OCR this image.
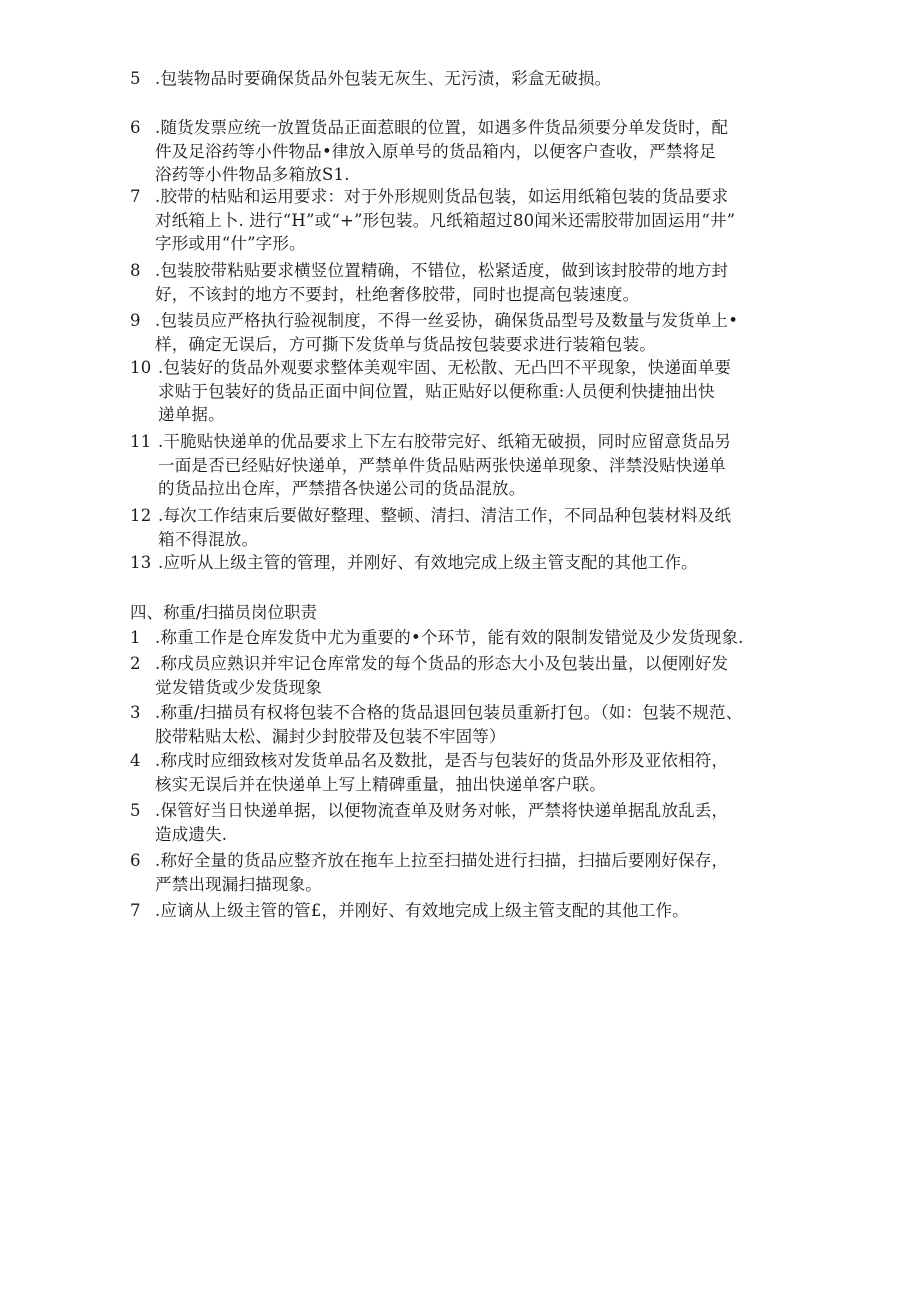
5 .包装物品时要确保货品外包装无灰生、无污渍，彩盒无破损。
6 .随货发票应统一放置货品正面惹眼的位置，如遇多件货品须要分单发货时，配
件及足浴药等小件物品•律放入原单号的货品箱内，以便客户查收，严禁将足
浴药等小件物品多箱放S1.
7 .胶带的枯贴和运用要求：对于外形规则货品包装，如运用纸箱包装的货品要求
对纸箱上卜. 进行“H”或“+”形包装。凡纸箱超过80闻米还需胶带加固运用“井”
字形或用“什”字形。
8 .包装胶带粘贴要求横竖位置精确，不错位，松紧适度，做到该封胶带的地方封
好，不该封的地方不要封，杜绝奢侈胶带，同时也提高包装速度。
9 .包装员应严格执行验视制度，不得一丝妥协，确保货品型号及数量与发货单上•
样，确定无误后，方可撕下发货单与货品按包装要求进行装箱包装。
10 .包装好的货品外观要求整体美观牢固、无松散、无凸凹不平现象，快递面单要
求贴于包装好的货品正面中间位置，贴正贴好以便称重:人员便利快捷抽出快
递单据。
11 .干脆贴快递单的优品要求上下左右胶带完好、纸箱无破损，同时应留意货品另
一面是否已经贴好快递单，严禁单件货品贴两张快递单现象、泮禁没贴快递单
的货品拉出仓库，严禁措各快递公司的货品混放。
12 .每次工作结束后要做好整理、整顿、清扫、清洁工作，不同品种包装材料及纸
箱不得混放。
13 .应听从上级主管的管理，并刚好、有效地完成上级主管支配的其他工作。
四、称重/扫描员岗位职责
1 .称重工作是仓库发货中尤为重要的•个环节，能有效的限制发错觉及少发货现象.
2 .称戌员应熟识并牢记仓库常发的每个货品的形态大小及包装出量，以便刚好发
觉发错货或少发货现象
3 .称重/扫描员有权将包装不合格的货品退回包装员重新打包。（如：包装不规范、
胶带粘贴太松、漏封少封胶带及包装不牢固等）
4 .称戌时应细致核对发货单品名及数批，是否与包装好的货品外形及亚依相符，
核实无误后并在快递单上写上精碑重量，抽出快递单客户联。
5 .保管好当日快递单据，以便物流查单及财务对帐，严禁将快递单据乱放乱丢，
造成遗失.
6 .称好全量的货品应整齐放在拖车上拉至扫描处进行扫描，扫描后要刚好保存，
严禁出现漏扫描现象。
7 .应谪从上级主管的管£，并刚好、有效地完成上级主管支配的其他工作。
